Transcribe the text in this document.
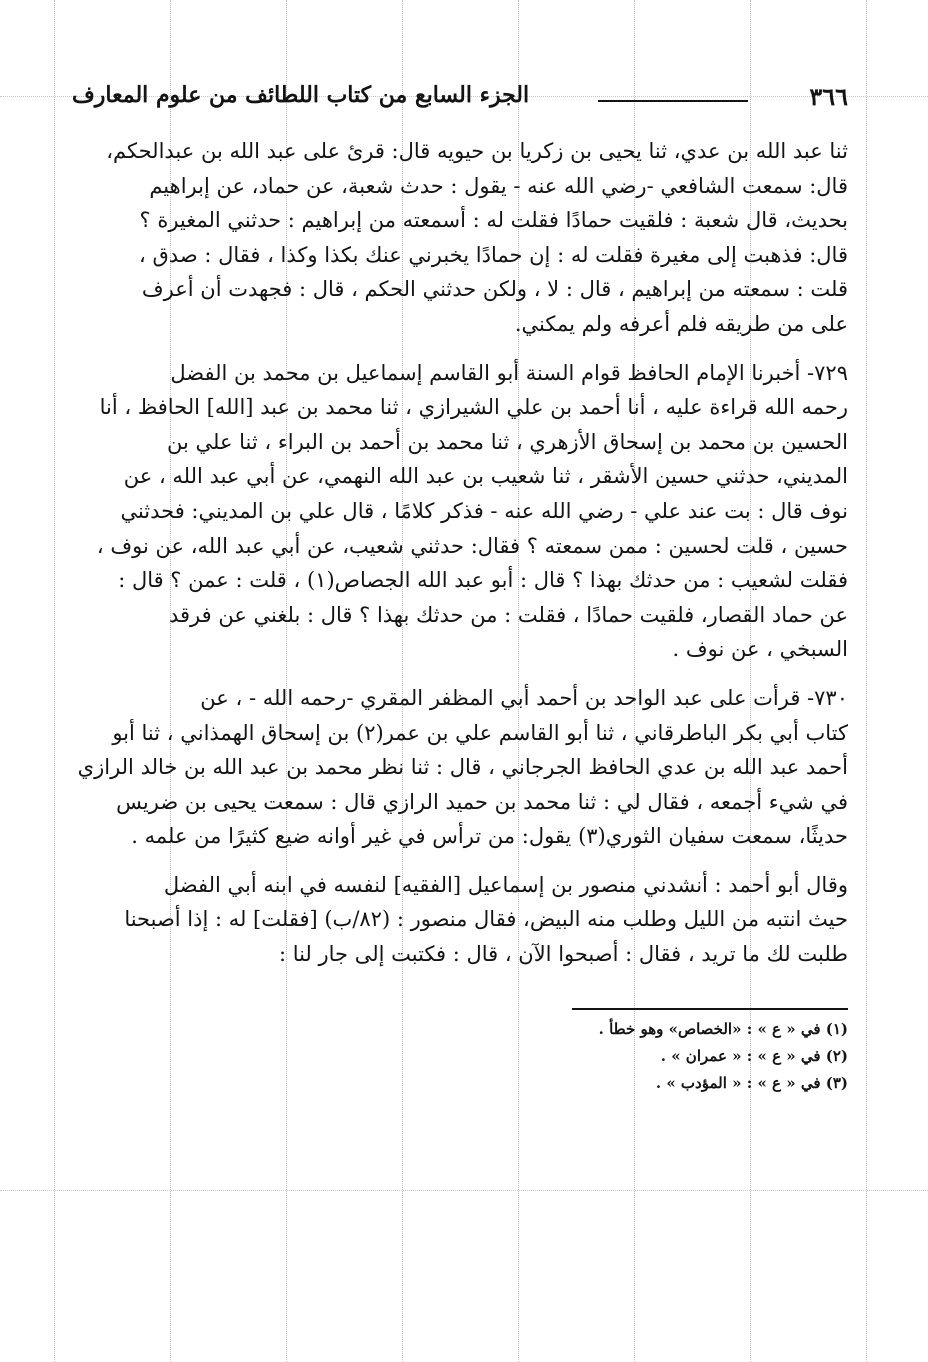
٣٦٦
الجزء السابع من كتاب اللطائف من علوم المعارف

ثنا عبد الله بن عدي، ثنا يحيى بن زكريا بن حيويه قال: قرئ على عبد الله بن عبدالحكم،
قال: سمعت الشافعي -رضي الله عنه - يقول : حدث شعبة، عن حماد، عن إبراهيم
بحديث، قال شعبة : فلقيت حمادًا فقلت له : أسمعته من إبراهيم : حدثني المغيرة ؟
قال: فذهبت إلى مغيرة فقلت له : إن حمادًا يخبرني عنك بكذا وكذا ، فقال : صدق ،
قلت : سمعته من إبراهيم ، قال : لا ، ولكن حدثني الحكم ، قال : فجهدت أن أعرف
على من طريقه فلم أعرفه ولم يمكني.

٧٢٩- أخبرنا الإمام الحافظ قوام السنة أبو القاسم إسماعيل بن محمد بن الفضل
رحمه الله قراءة عليه ، أنا أحمد بن علي الشيرازي ، ثنا محمد بن عبد [الله] الحافظ ، أنا
الحسين بن محمد بن إسحاق الأزهري ، ثنا محمد بن أحمد بن البراء ، ثنا علي بن
المديني، حدثني حسين الأشقر ، ثنا شعيب بن عبد الله النهمي، عن أبي عبد الله ، عن
نوف قال : بت عند علي - رضي الله عنه - فذكر كلامًا ، قال علي بن المديني: فحدثني
حسين ، قلت لحسين : ممن سمعته ؟ فقال: حدثني شعيب، عن أبي عبد الله، عن نوف ،
فقلت لشعيب : من حدثك بهذا ؟ قال : أبو عبد الله الجصاص(١) ، قلت : عمن ؟ قال :
عن حماد القصار، فلقيت حمادًا ، فقلت : من حدثك بهذا ؟ قال : بلغني عن فرقد
السبخي ، عن نوف .

٧٣٠- قرأت على عبد الواحد بن أحمد أبي المظفر المقري -رحمه الله - ، عن
كتاب أبي بكر الباطرقاني ، ثنا أبو القاسم علي بن عمر(٢) بن إسحاق الهمذاني ، ثنا أبو
أحمد عبد الله بن عدي الحافظ الجرجاني ، قال : ثنا نظر محمد بن عبد الله بن خالد الرازي
في شيء أجمعه ، فقال لي : ثنا محمد بن حميد الرازي قال : سمعت يحيى بن ضريس
حديثًا، سمعت سفيان الثوري(٣) يقول: من ترأس في غير أوانه ضيع كثيرًا من علمه .

وقال أبو أحمد : أنشدني منصور بن إسماعيل [الفقيه] لنفسه في ابنه أبي الفضل
حيث انتبه من الليل وطلب منه البيض، فقال منصور : (٨٢/ب) [فقلت] له : إذا أصبحنا
طلبت لك ما تريد ، فقال : أصبحوا الآن ، قال : فكتبت إلى جار لنا :

(١) في « ع » : «الخصاص» وهو خطأ .
(٢) في « ع » : « عمران » .
(٣) في « ع » : « المؤدب » .
